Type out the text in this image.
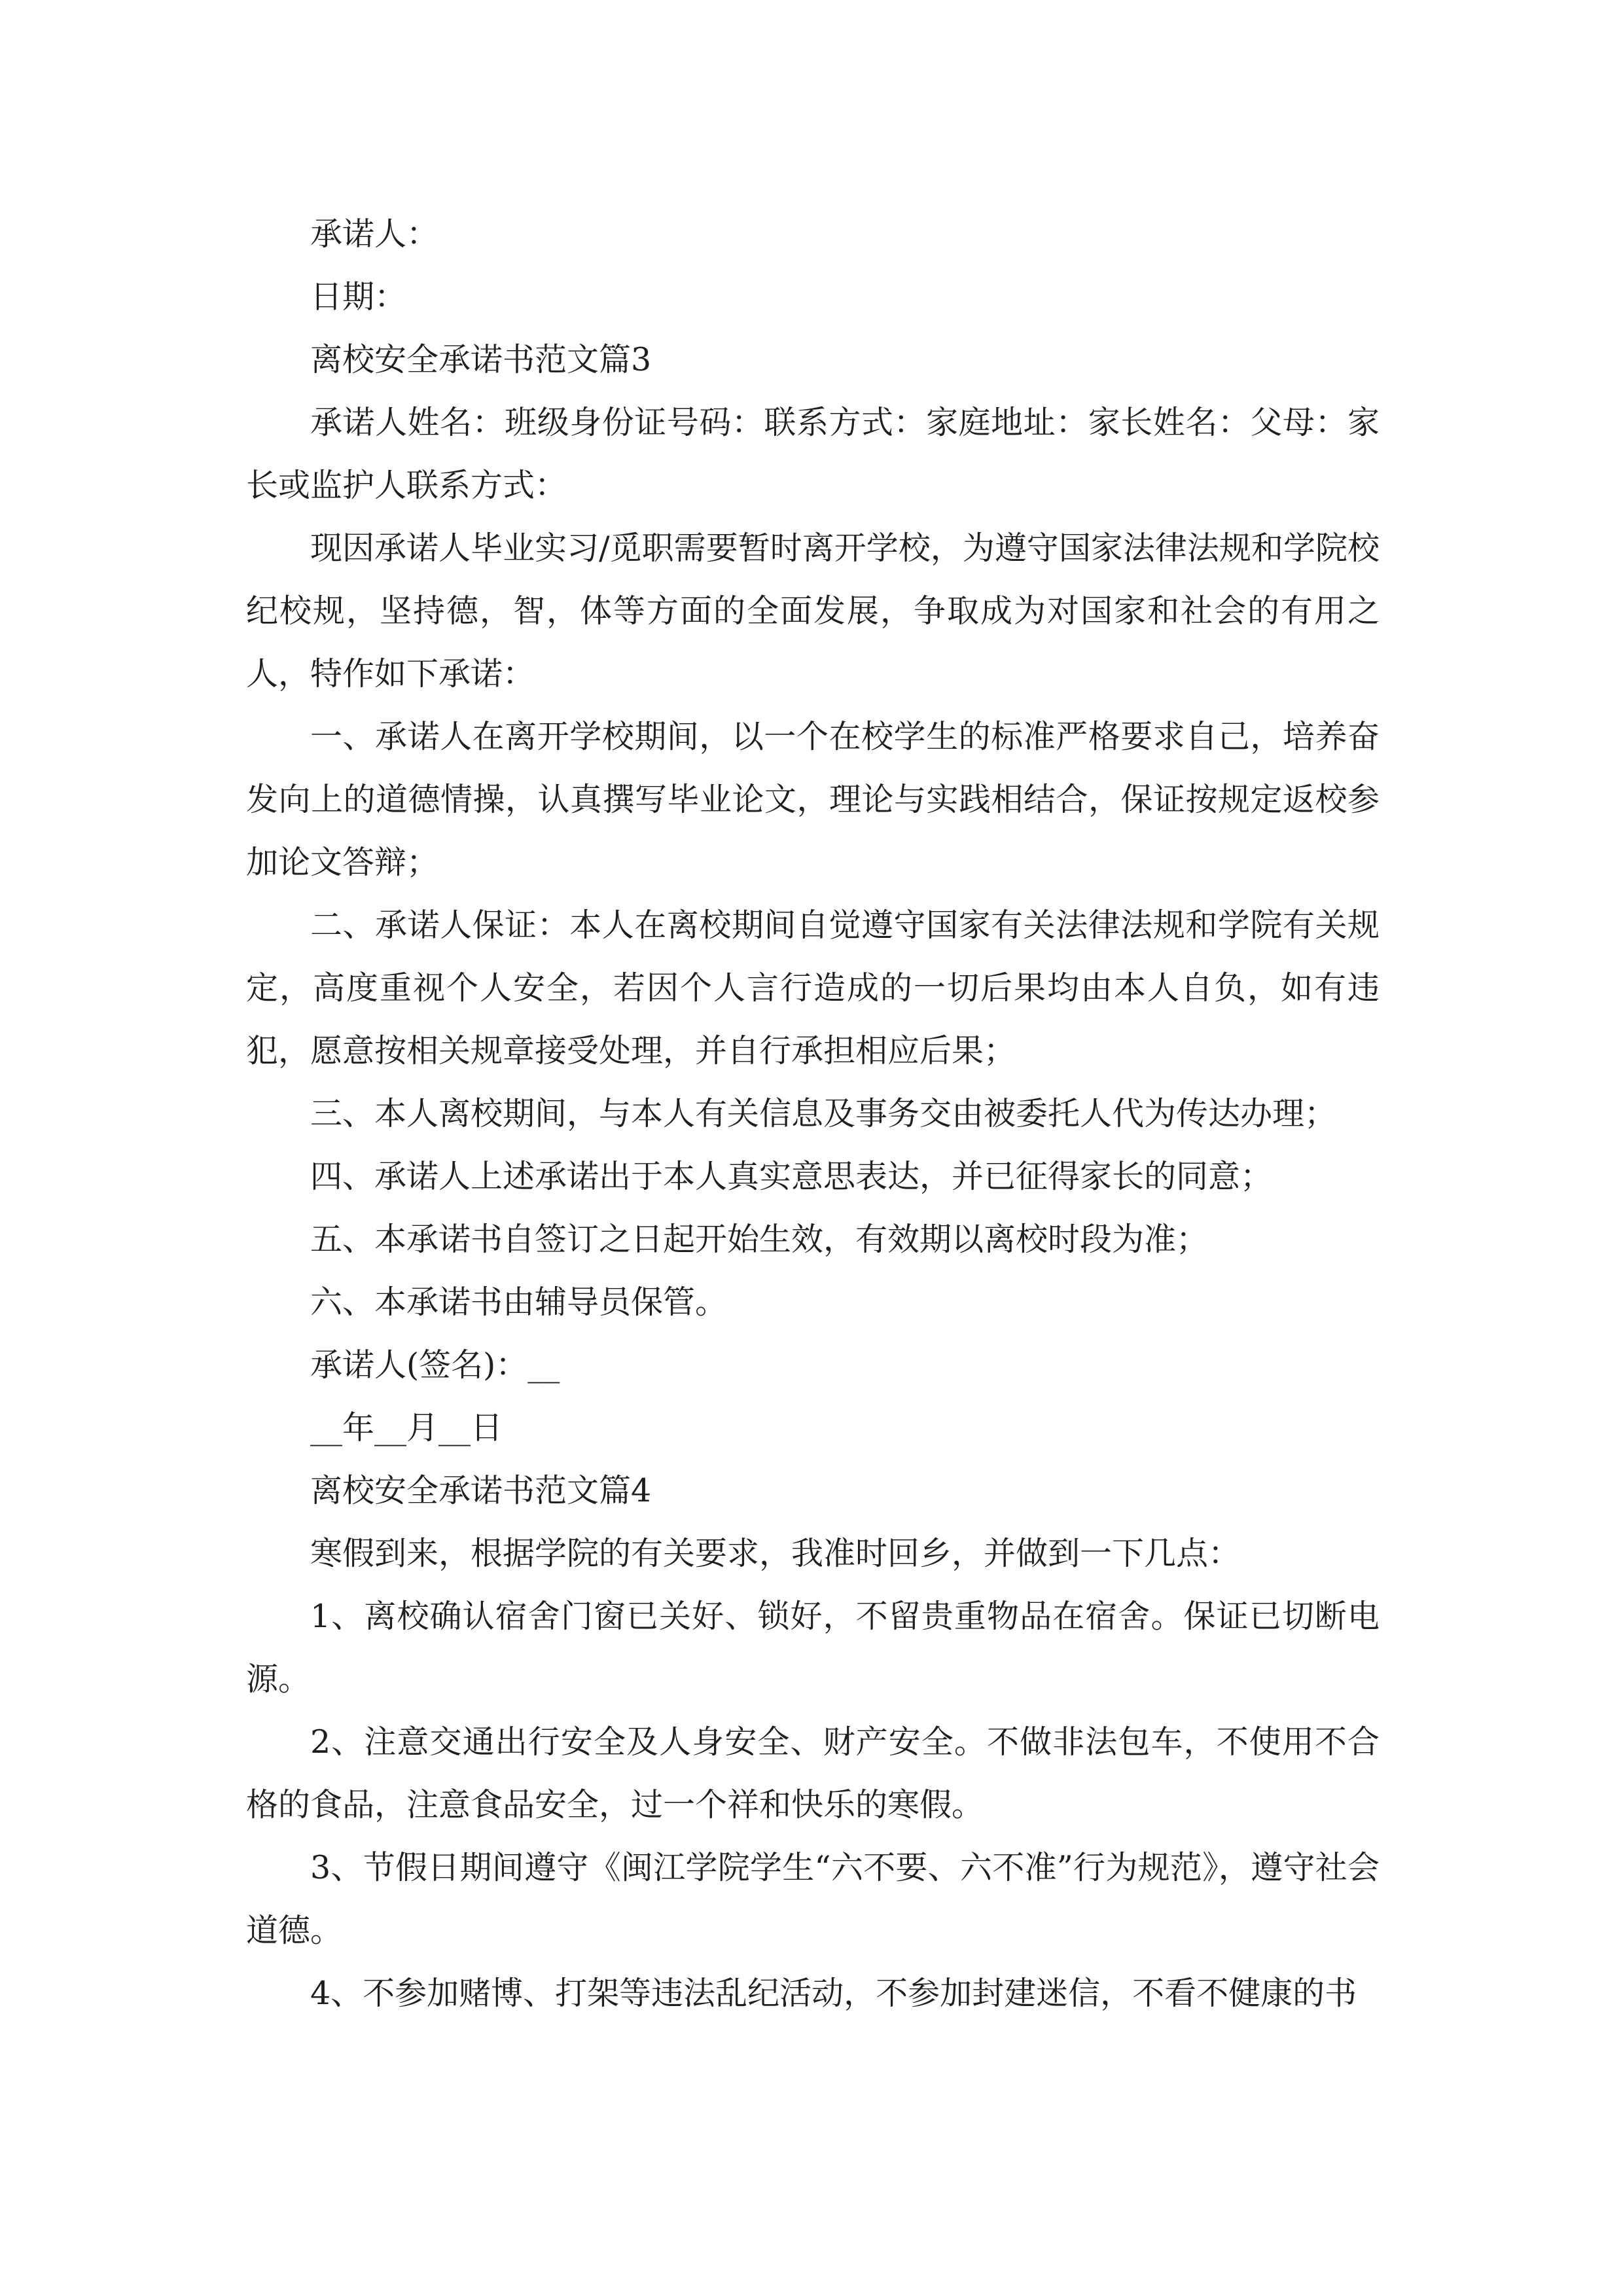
承诺人：

日期：

离校安全承诺书范文篇3

承诺人姓名：班级身份证号码：联系方式：家庭地址：家长姓名：父母：家长或监护人联系方式：

现因承诺人毕业实习/觅职需要暂时离开学校，为遵守国家法律法规和学院校纪校规，坚持德，智，体等方面的全面发展，争取成为对国家和社会的有用之人，特作如下承诺：

一、承诺人在离开学校期间，以一个在校学生的标准严格要求自己，培养奋发向上的道德情操，认真撰写毕业论文，理论与实践相结合，保证按规定返校参加论文答辩；

二、承诺人保证：本人在离校期间自觉遵守国家有关法律法规和学院有关规定，高度重视个人安全，若因个人言行造成的一切后果均由本人自负，如有违犯，愿意按相关规章接受处理，并自行承担相应后果；

三、本人离校期间，与本人有关信息及事务交由被委托人代为传达办理；

四、承诺人上述承诺出于本人真实意思表达，并已征得家长的同意；

五、本承诺书自签订之日起开始生效，有效期以离校时段为准；

六、本承诺书由辅导员保管。

承诺人(签名)：__

__年__月__日

离校安全承诺书范文篇4

寒假到来，根据学院的有关要求，我准时回乡，并做到一下几点：

1、离校确认宿舍门窗已关好、锁好，不留贵重物品在宿舍。保证已切断电源。

2、注意交通出行安全及人身安全、财产安全。不做非法包车，不使用不合格的食品，注意食品安全，过一个祥和快乐的寒假。

3、节假日期间遵守《闽江学院学生“六不要、六不准”行为规范》，遵守社会道德。

4、不参加赌博、打架等违法乱纪活动，不参加封建迷信，不看不健康的书
